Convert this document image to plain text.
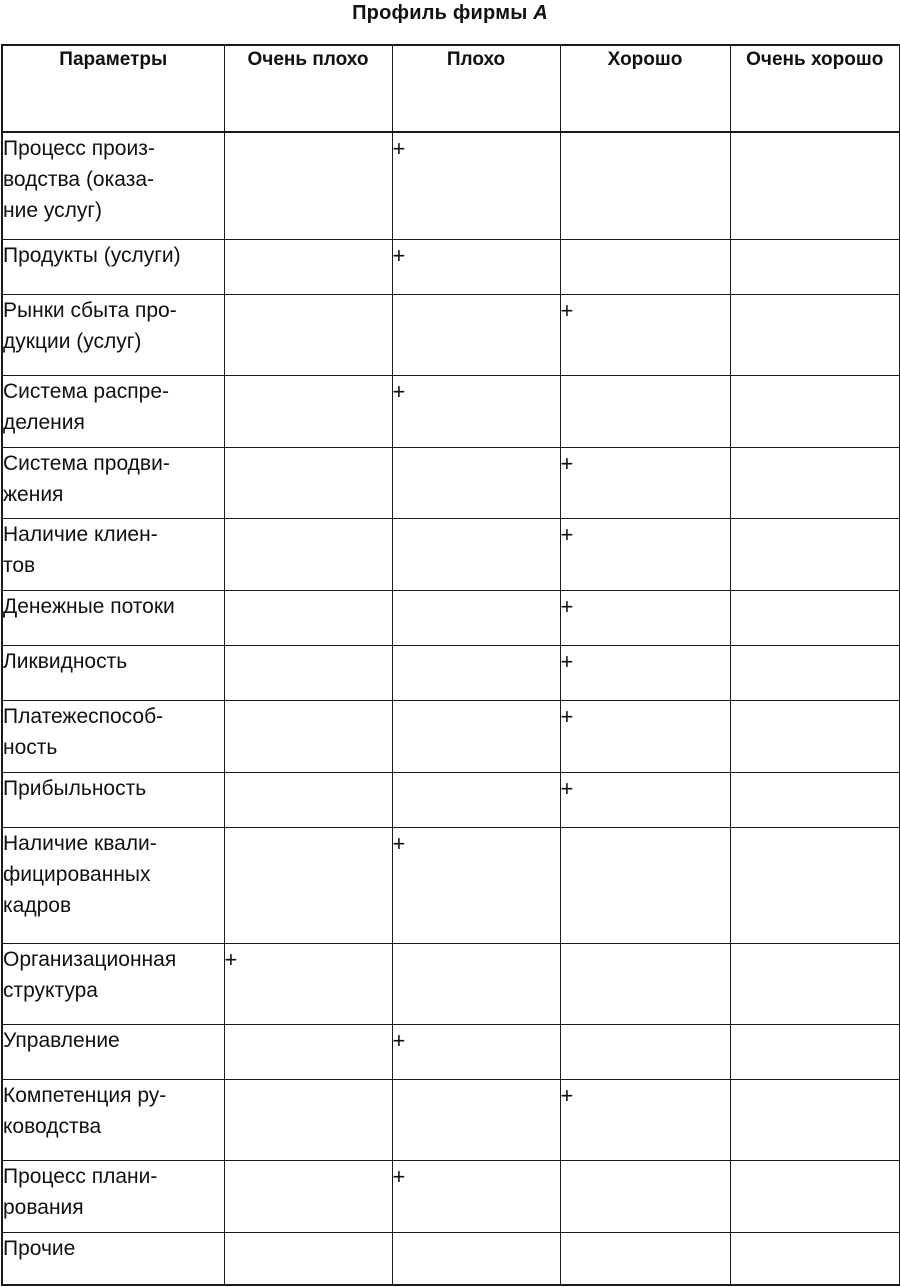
Профиль фирмы A
Параметры	Очень плохо	Плохо	Хорошо	Очень хорошо

Процесс произ-
водства (оказа-
ние услуг)		+		

Продукты (услуги)		+		

Рынки сбыта про-
дукции (услуг)			+	

Система распре-
деления		+		

Система продви-
жения			+	

Наличие клиен-
тов			+	

Денежные потоки			+	

Ликвидность			+	

Платежеспособ-
ность			+	

Прибыльность			+	

Наличие квали-
фицированных
кадров		+		

Организационная
структура	+			

Управление		+		

Компетенция ру-
ководства			+	

Процесс плани-
рования		+		

Прочие				
